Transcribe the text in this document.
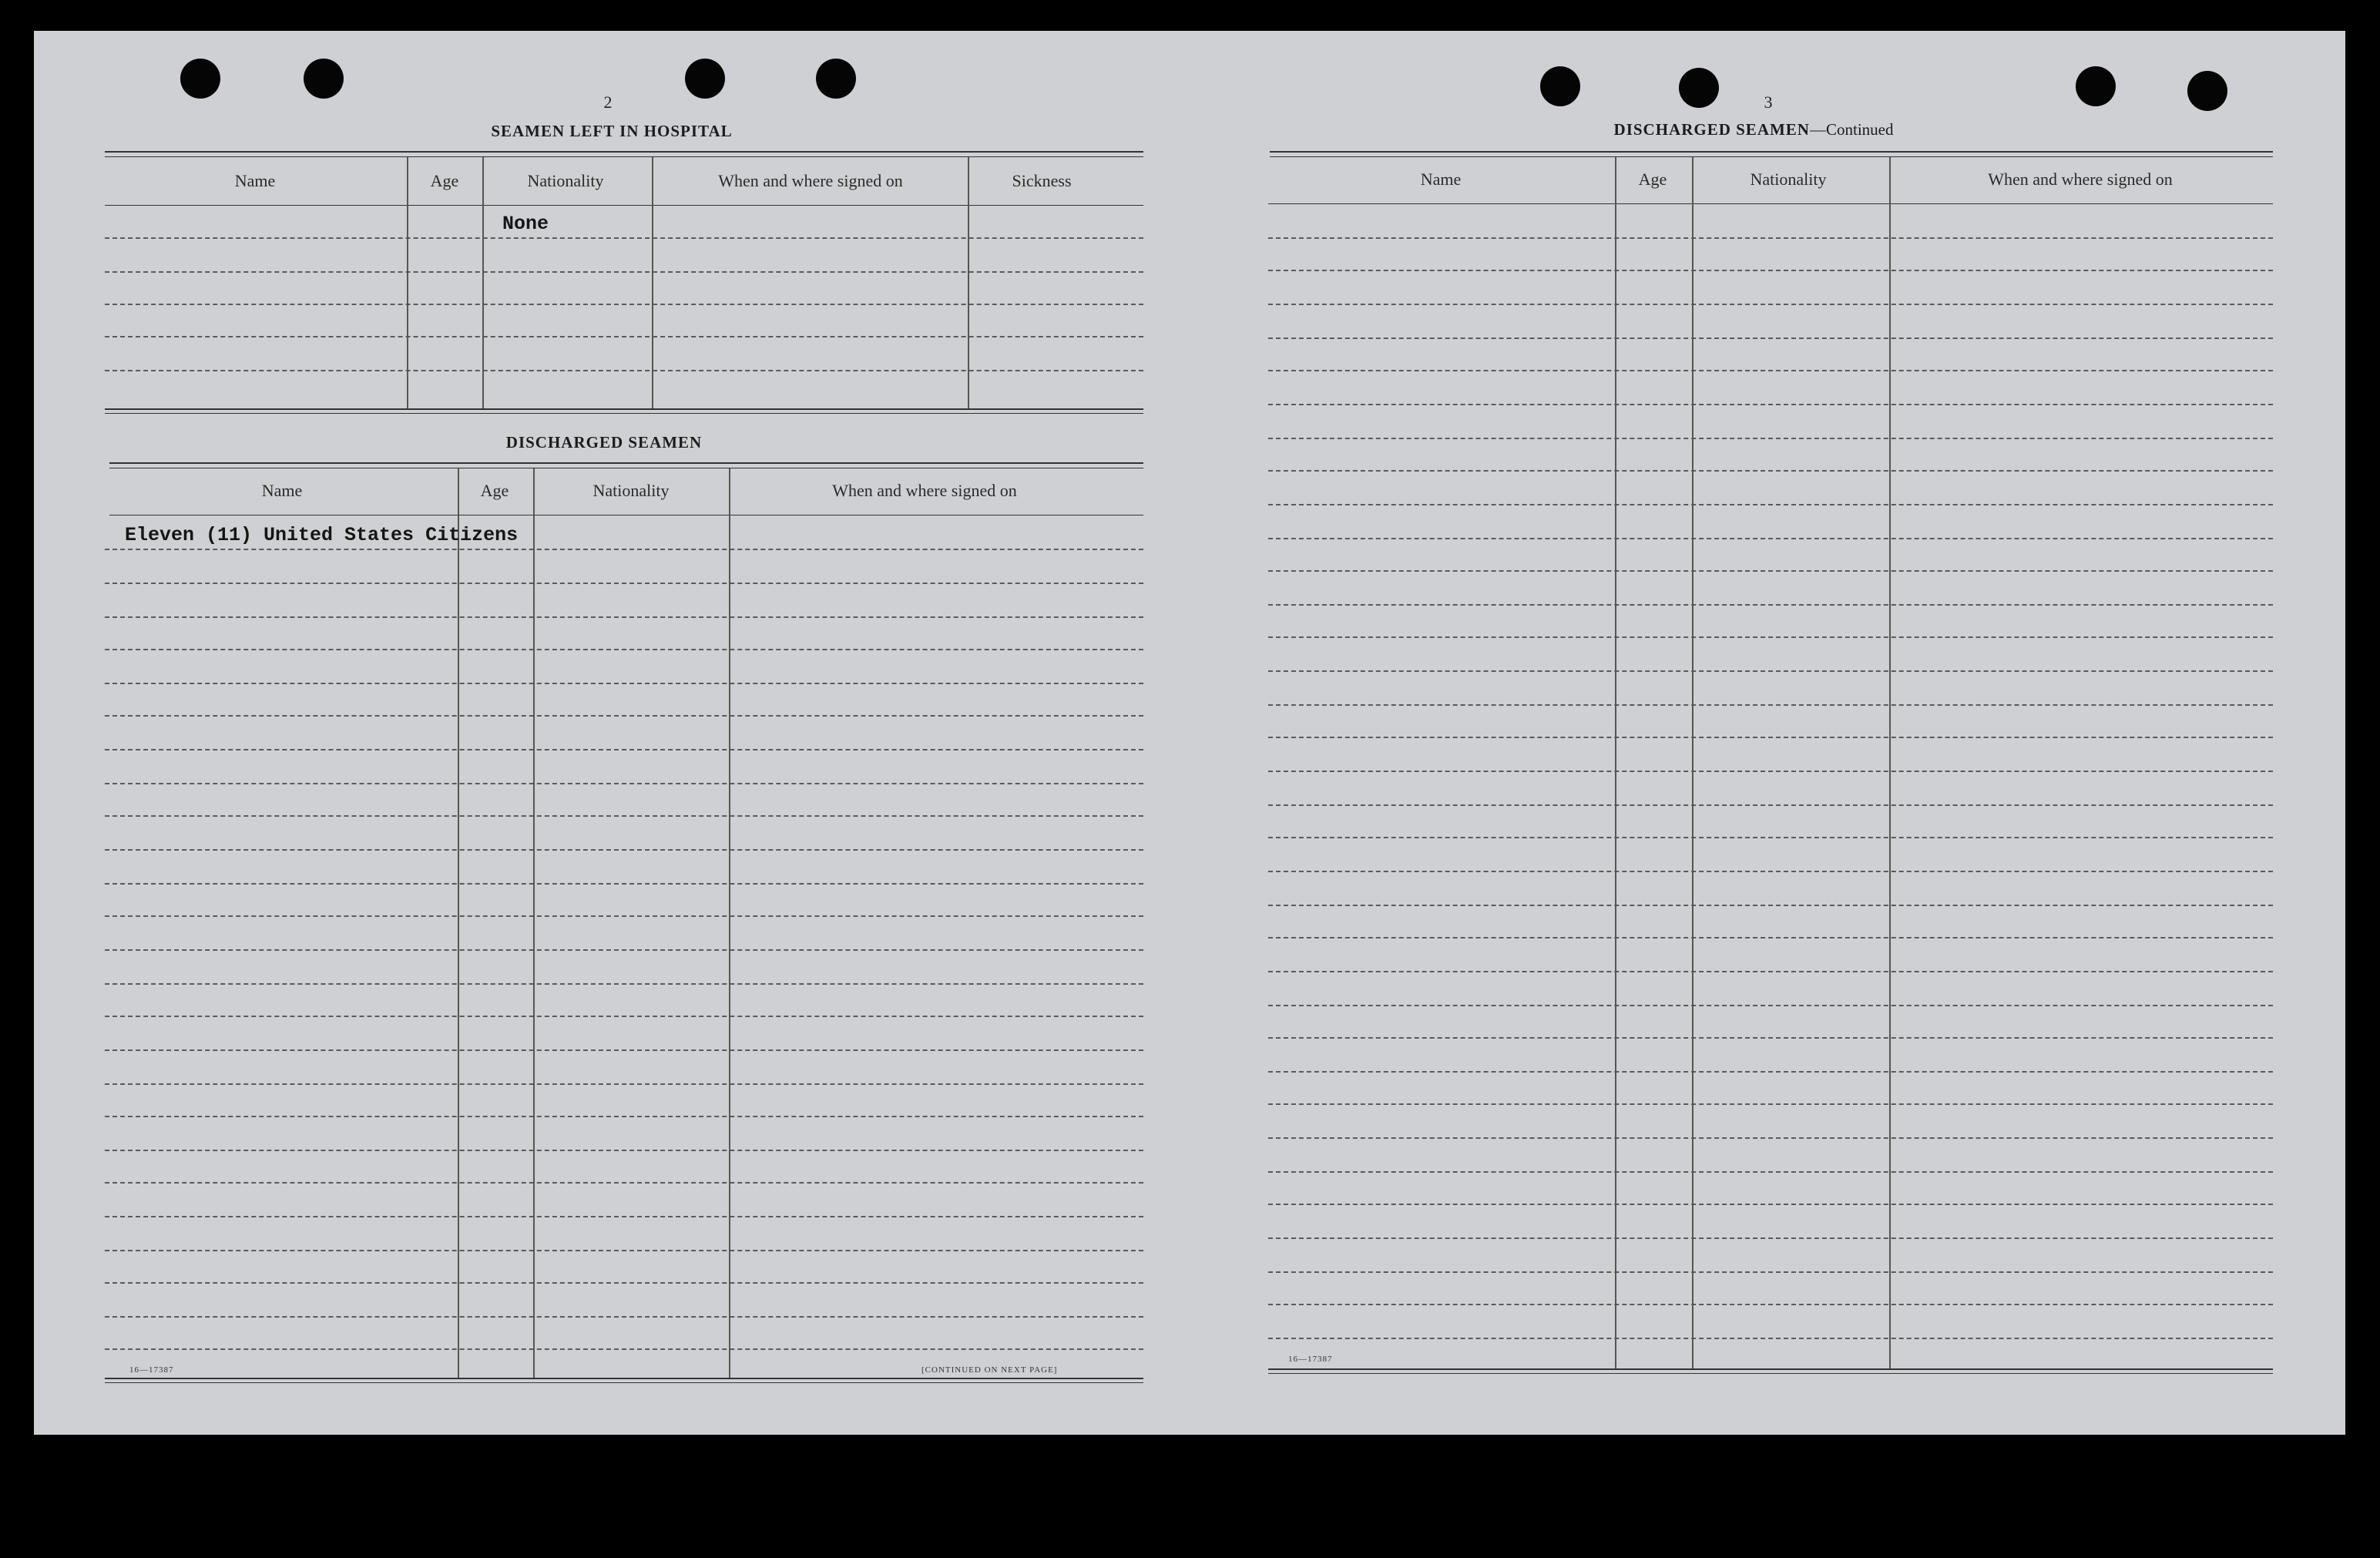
2
SEAMEN LEFT IN HOSPITAL
Name	Age	Nationality	When and where signed on	Sickness
None
DISCHARGED SEAMEN
Name	Age	Nationality	When and where signed on
Eleven (11) United States Citizens
16—17387	[CONTINUED ON NEXT PAGE]
3
DISCHARGED SEAMEN—Continued
Name	Age	Nationality	When and where signed on
16—17387
